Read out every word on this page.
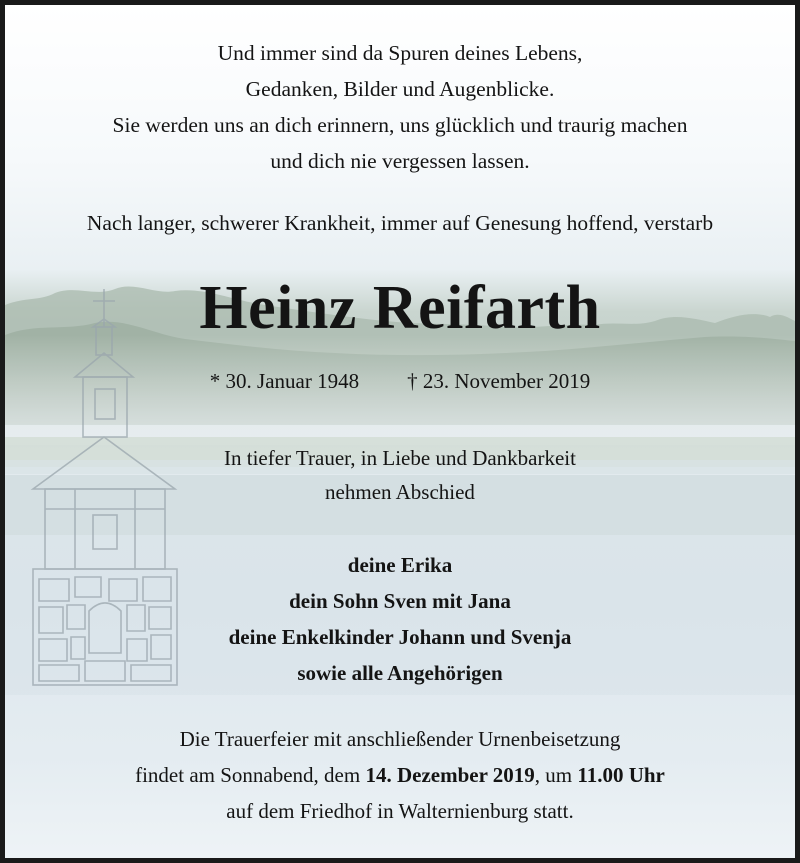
Und immer sind da Spuren deines Lebens,
Gedanken, Bilder und Augenblicke.
Sie werden uns an dich erinnern, uns glücklich und traurig machen
und dich nie vergessen lassen.
Nach langer, schwerer Krankheit, immer auf Genesung hoffend, verstarb
Heinz Reifarth
* 30. Januar 1948 † 23. November 2019
In tiefer Trauer, in Liebe und Dankbarkeit
nehmen Abschied
deine Erika
dein Sohn Sven mit Jana
deine Enkelkinder Johann und Svenja
sowie alle Angehörigen
Die Trauerfeier mit anschließender Urnenbeisetzung
findet am Sonnabend, dem 14. Dezember 2019, um 11.00 Uhr
auf dem Friedhof in Walternienburg statt.
